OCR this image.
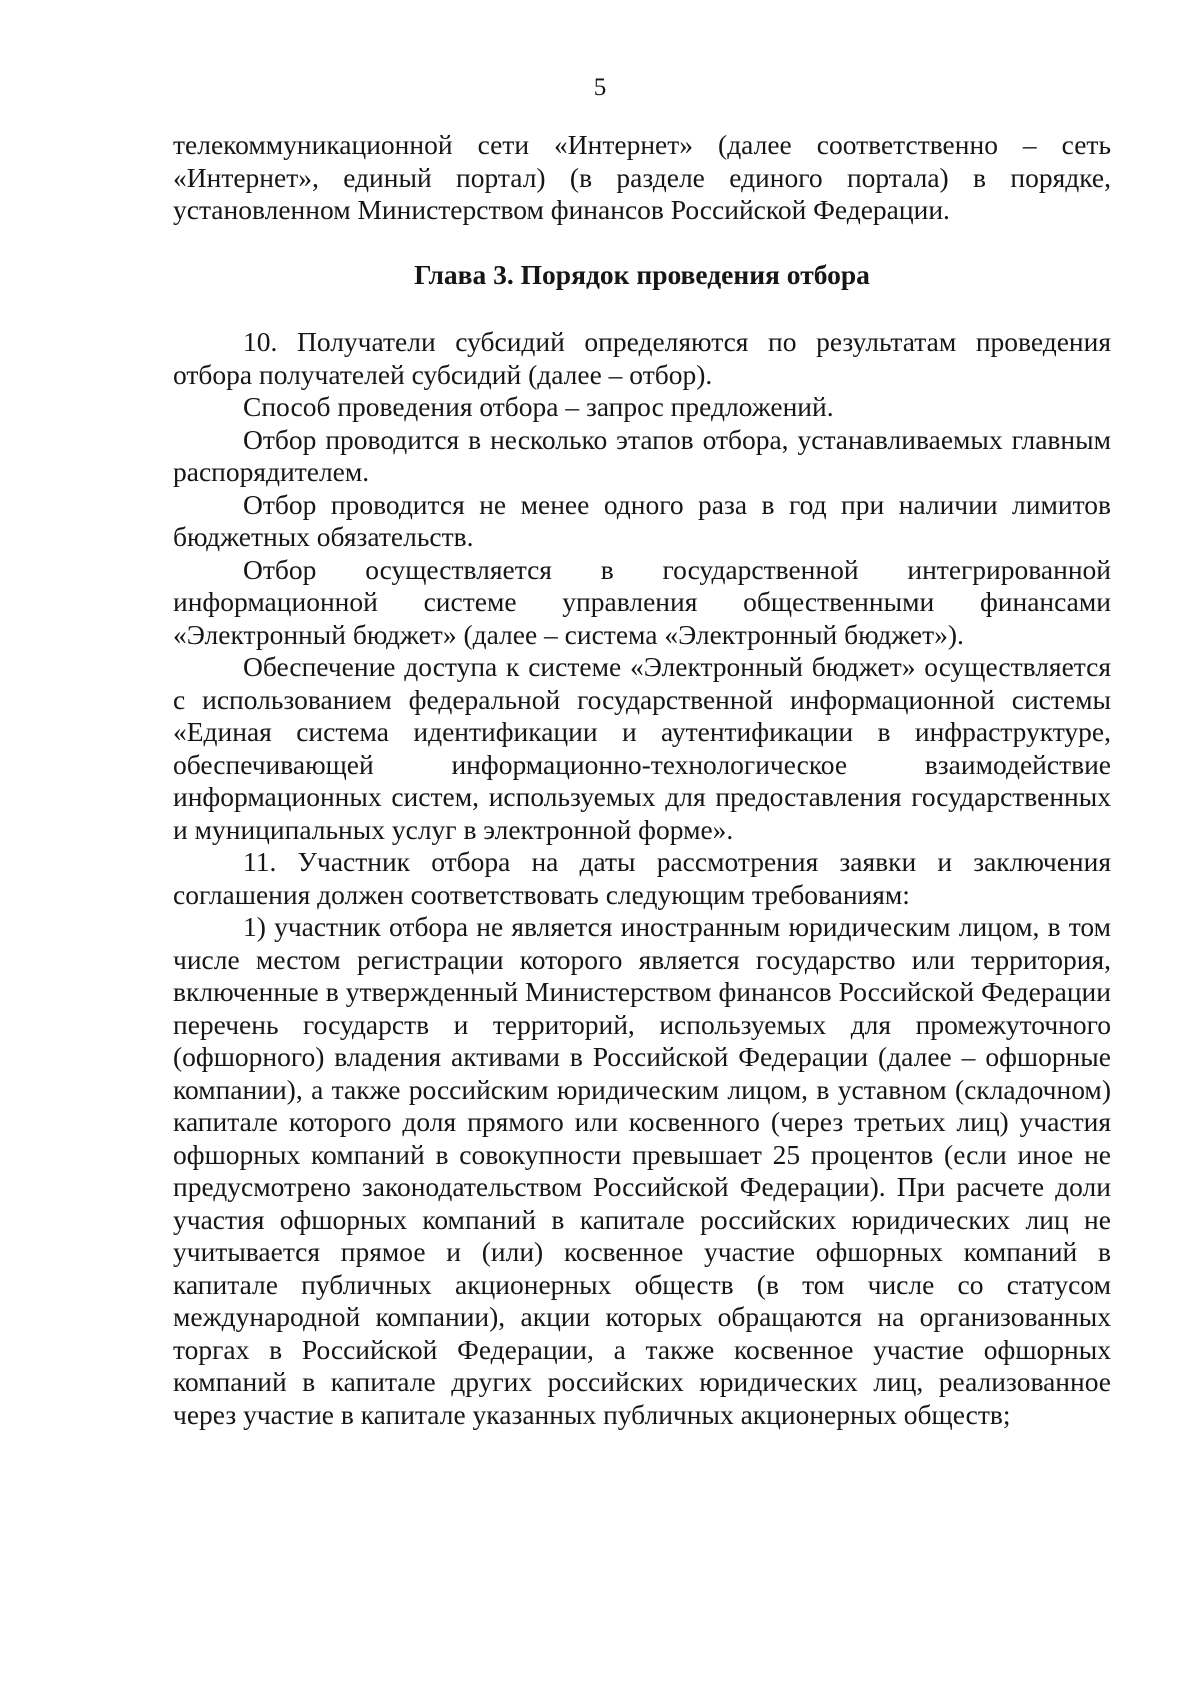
5

телекоммуникационной сети «Интернет» (далее соответственно – сеть «Интернет», единый портал) (в разделе единого портала) в порядке, установленном Министерством финансов Российской Федерации.

Глава 3. Порядок проведения отбора

10. Получатели субсидий определяются по результатам проведения отбора получателей субсидий (далее – отбор).

Способ проведения отбора – запрос предложений.

Отбор проводится в несколько этапов отбора, устанавливаемых главным распорядителем.

Отбор проводится не менее одного раза в год при наличии лимитов бюджетных обязательств.

Отбор осуществляется в государственной интегрированной информационной системе управления общественными финансами «Электронный бюджет» (далее – система «Электронный бюджет»).

Обеспечение доступа к системе «Электронный бюджет» осуществляется с использованием федеральной государственной информационной системы «Единая система идентификации и аутентификации в инфраструктуре, обеспечивающей информационно-технологическое взаимодействие информационных систем, используемых для предоставления государственных и муниципальных услуг в электронной форме».

11. Участник отбора на даты рассмотрения заявки и заключения соглашения должен соответствовать следующим требованиям:

1) участник отбора не является иностранным юридическим лицом, в том числе местом регистрации которого является государство или территория, включенные в утвержденный Министерством финансов Российской Федерации перечень государств и территорий, используемых для промежуточного (офшорного) владения активами в Российской Федерации (далее – офшорные компании), а также российским юридическим лицом, в уставном (складочном) капитале которого доля прямого или косвенного (через третьих лиц) участия офшорных компаний в совокупности превышает 25 процентов (если иное не предусмотрено законодательством Российской Федерации). При расчете доли участия офшорных компаний в капитале российских юридических лиц не учитывается прямое и (или) косвенное участие офшорных компаний в капитале публичных акционерных обществ (в том числе со статусом международной компании), акции которых обращаются на организованных торгах в Российской Федерации, а также косвенное участие офшорных компаний в капитале других российских юридических лиц, реализованное через участие в капитале указанных публичных акционерных обществ;
